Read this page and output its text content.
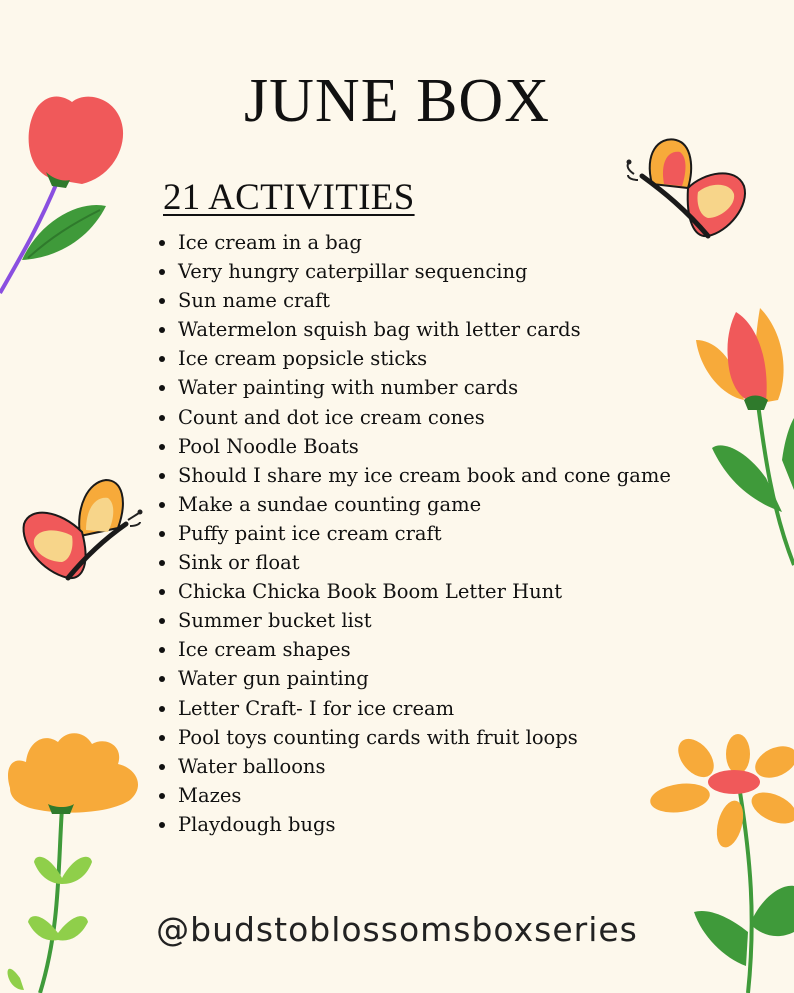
JUNE BOX
21 ACTIVITIES
Ice cream in a bag
Very hungry caterpillar sequencing
Sun name craft
Watermelon squish bag with letter cards
Ice cream popsicle sticks
Water painting with number cards
Count and dot ice cream cones
Pool Noodle Boats
Should I share my ice cream book and cone game
Make a sundae counting game
Puffy paint ice cream craft
Sink or float
Chicka Chicka Book Boom Letter Hunt
Summer bucket list
Ice cream shapes
Water gun painting
Letter Craft- I for ice cream
Pool toys counting cards with fruit loops
Water balloons
Mazes
Playdough bugs

@budstoblossomsboxseries
